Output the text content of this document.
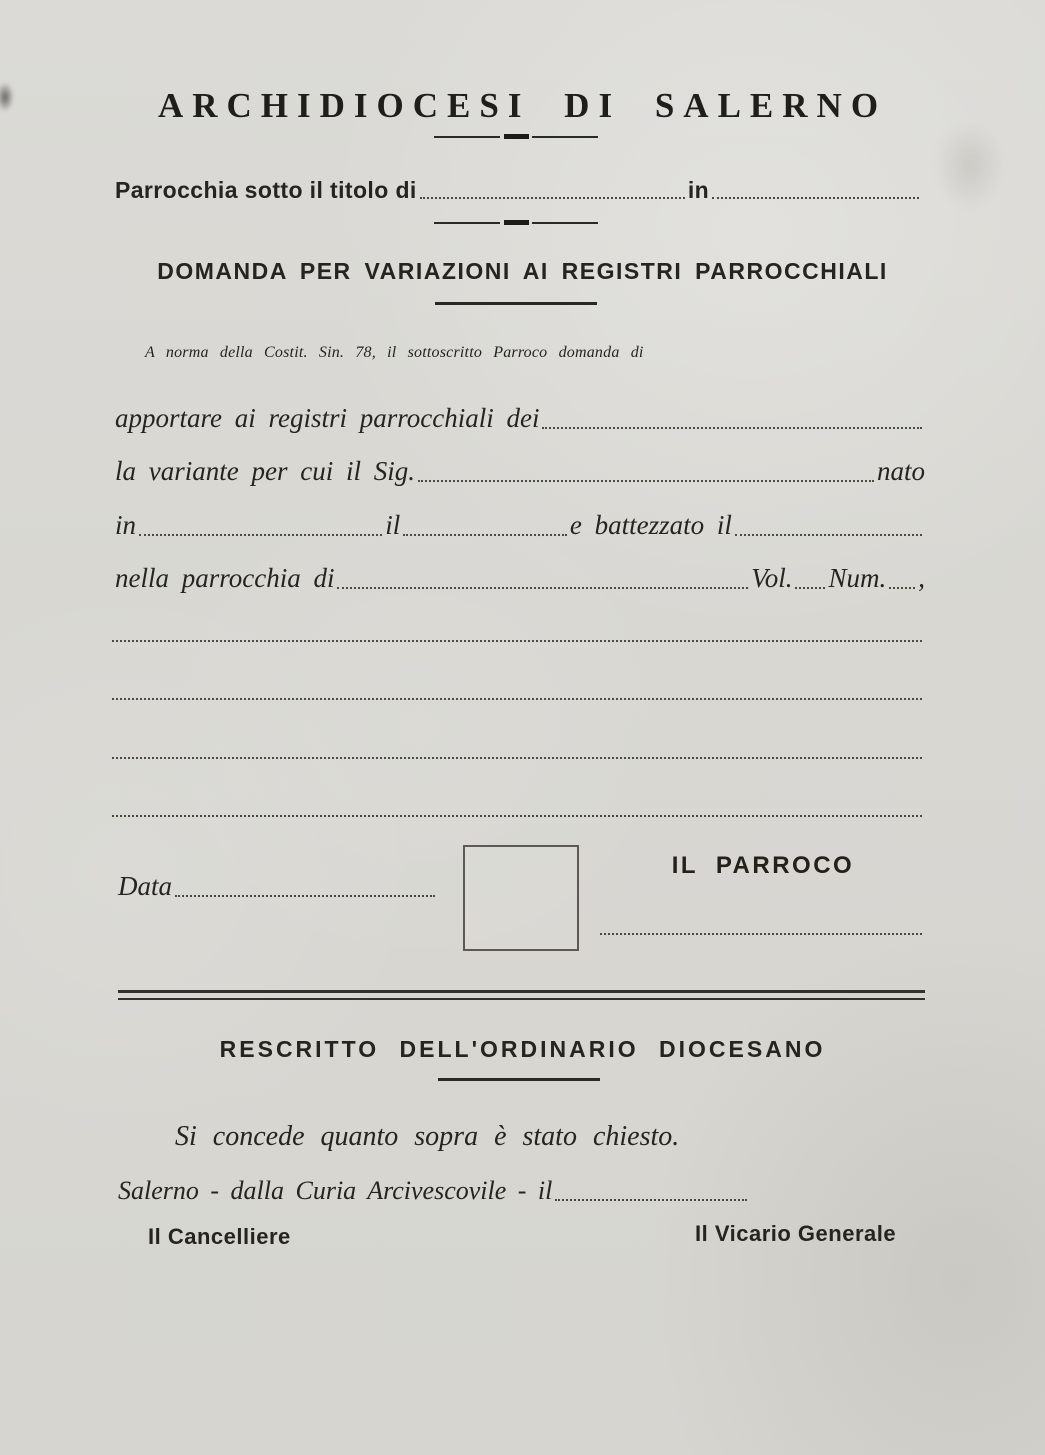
ARCHIDIOCESI DI SALERNO
Parrocchia sotto il titolo di	in
DOMANDA PER VARIAZIONI AI REGISTRI PARROCCHIALI
A norma della Costit. Sin. 78, il sottoscritto Parroco domanda di
apportare ai registri parrocchiali dei
la variante per cui il Sig.	nato
in	il	e battezzato il
nella parrocchia di	Vol. Num. ,
Data
IL PARROCO
RESCRITTO DELL'ORDINARIO DIOCESANO
Si concede quanto sopra è stato chiesto.
Salerno - dalla Curia Arcivescovile - il
Il Cancelliere	Il Vicario Generale
